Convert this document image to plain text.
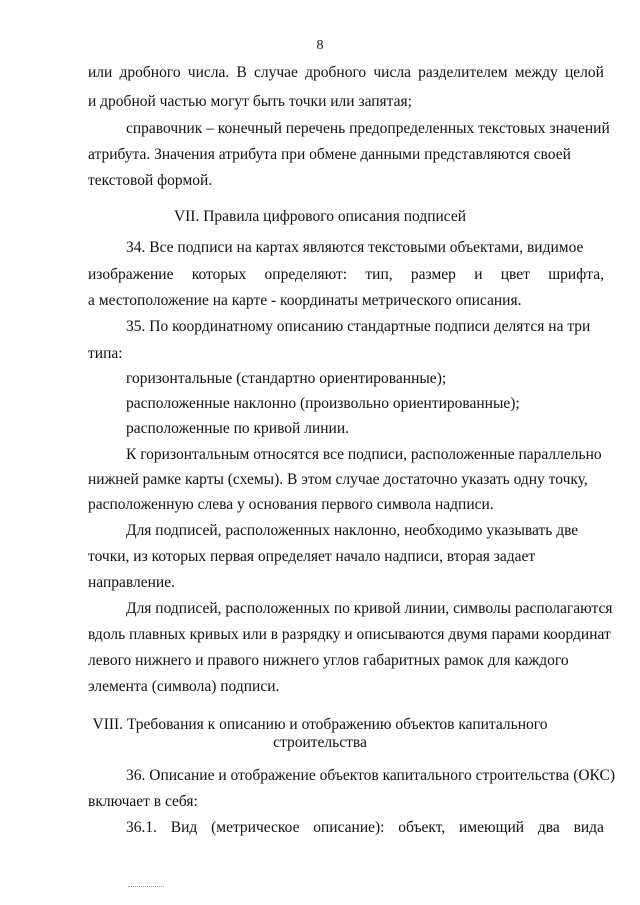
8
или дробного числа. В случае дробного числа разделителем между целой
и дробной частью могут быть точки или запятая;
справочник – конечный перечень предопределенных текстовых значений
атрибута. Значения атрибута при обмене данными представляются своей
текстовой формой.
VII. Правила цифрового описания подписей
34. Все подписи на картах являются текстовыми объектами, видимое
изображение которых определяют: тип, размер и цвет шрифта,
а местоположение на карте - координаты метрического описания.
35. По координатному описанию стандартные подписи делятся на три
типа:
горизонтальные (стандартно ориентированные);
расположенные наклонно (произвольно ориентированные);
расположенные по кривой линии.
К горизонтальным относятся все подписи, расположенные параллельно
нижней рамке карты (схемы). В этом случае достаточно указать одну точку,
расположенную слева у основания первого символа надписи.
Для подписей, расположенных наклонно, необходимо указывать две
точки, из которых первая определяет начало надписи, вторая задает
направление.
Для подписей, расположенных по кривой линии, символы располагаются
вдоль плавных кривых или в разрядку и описываются двумя парами координат
левого нижнего и правого нижнего углов габаритных рамок для каждого
элемента (символа) подписи.
VIII. Требования к описанию и отображению объектов капитального
строительства
36. Описание и отображение объектов капитального строительства (ОКС)
включает в себя:
36.1. Вид (метрическое описание): объект, имеющий два вида
